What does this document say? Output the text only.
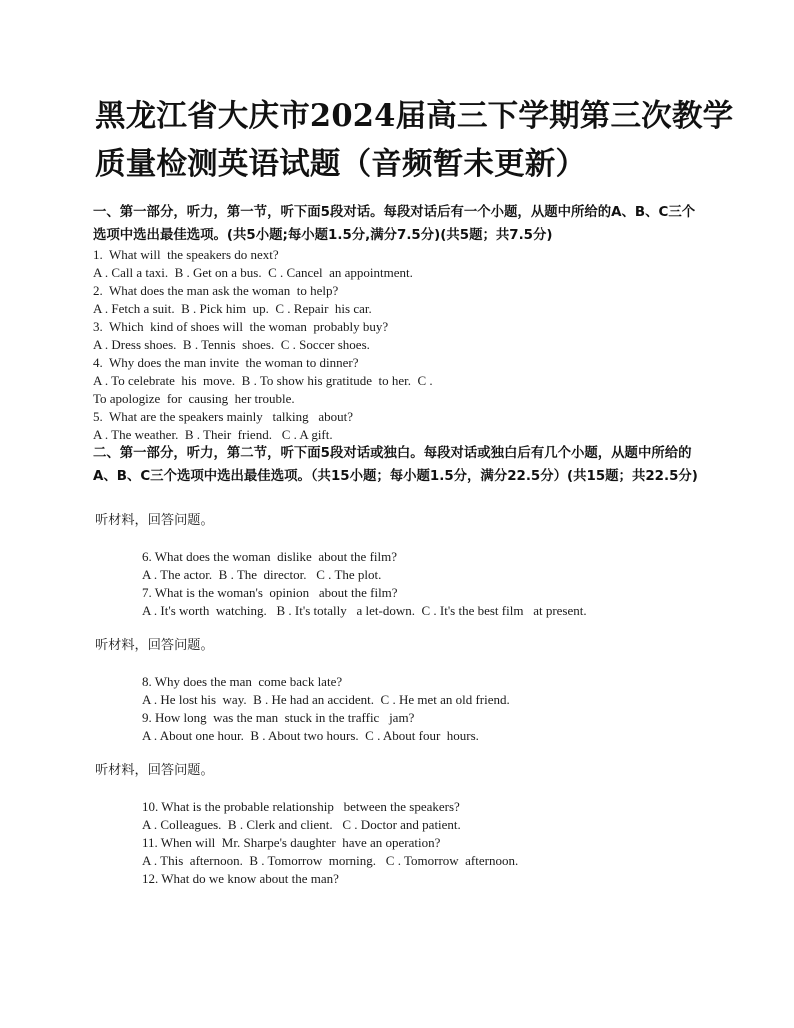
黑龙江省大庆市2024届高三下学期第三次教学质量检测英语试题（音频暂未更新）

一、第一部分，听力，第一节，听下面5段对话。每段对话后有一个小题，从题中所给的A、B、C三个选项中选出最佳选项。(共5小题;每小题1.5分,满分7.5分)(共5题；共7.5分)

1.  What will  the speakers do next?
A . Call a taxi.  B . Get on a bus.  C . Cancel  an appointment.
2.  What does the man ask the woman  to help?
A . Fetch a suit.  B . Pick him  up.  C . Repair  his car.
3.  Which  kind of shoes will  the woman  probably buy?
A . Dress shoes.  B . Tennis  shoes.  C . Soccer shoes.
4.  Why does the man invite  the woman to dinner?
A . To celebrate  his  move.  B . To show his gratitude  to her.  C .
To apologize  for  causing  her trouble.
5.  What are the speakers mainly   talking   about?
A . The weather.  B . Their  friend.   C . A gift.

二、第一部分，听力，第二节，听下面5段对话或独白。每段对话或独白后有几个小题，从题中所给的A、B、C三个选项中选出最佳选项。（共15小题；每小题1.5分，满分22.5分）(共15题；共22.5分)

听材料，回答问题。
6. What does the woman  dislike  about the film?
A . The actor.  B . The  director.   C . The plot.
7. What is the woman's  opinion   about the film?
A . It's worth  watching.   B . It's totally   a let-down.  C . It's the best film   at present.
听材料，回答问题。
8. Why does the man  come back late?
A . He lost his  way.  B . He had an accident.  C . He met an old friend.
9. How long  was the man  stuck in the traffic   jam?
A . About one hour.  B . About two hours.  C . About four  hours.
听材料，回答问题。
10. What is the probable relationship   between the speakers?
A . Colleagues.  B . Clerk and client.   C . Doctor and patient.
11. When will  Mr. Sharpe's daughter  have an operation?
A . This  afternoon.  B . Tomorrow  morning.   C . Tomorrow  afternoon.
12. What do we know about the man?
